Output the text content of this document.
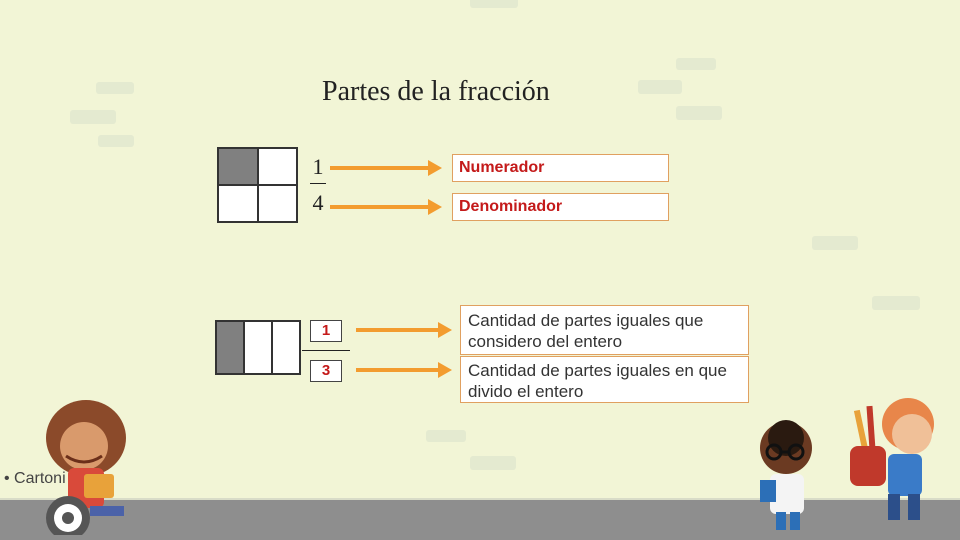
Partes de la fracción
1
4
Numerador
Denominador
1
3
Cantidad de partes iguales que considero del entero
Cantidad de partes iguales en que divido el entero
• Cartoni
